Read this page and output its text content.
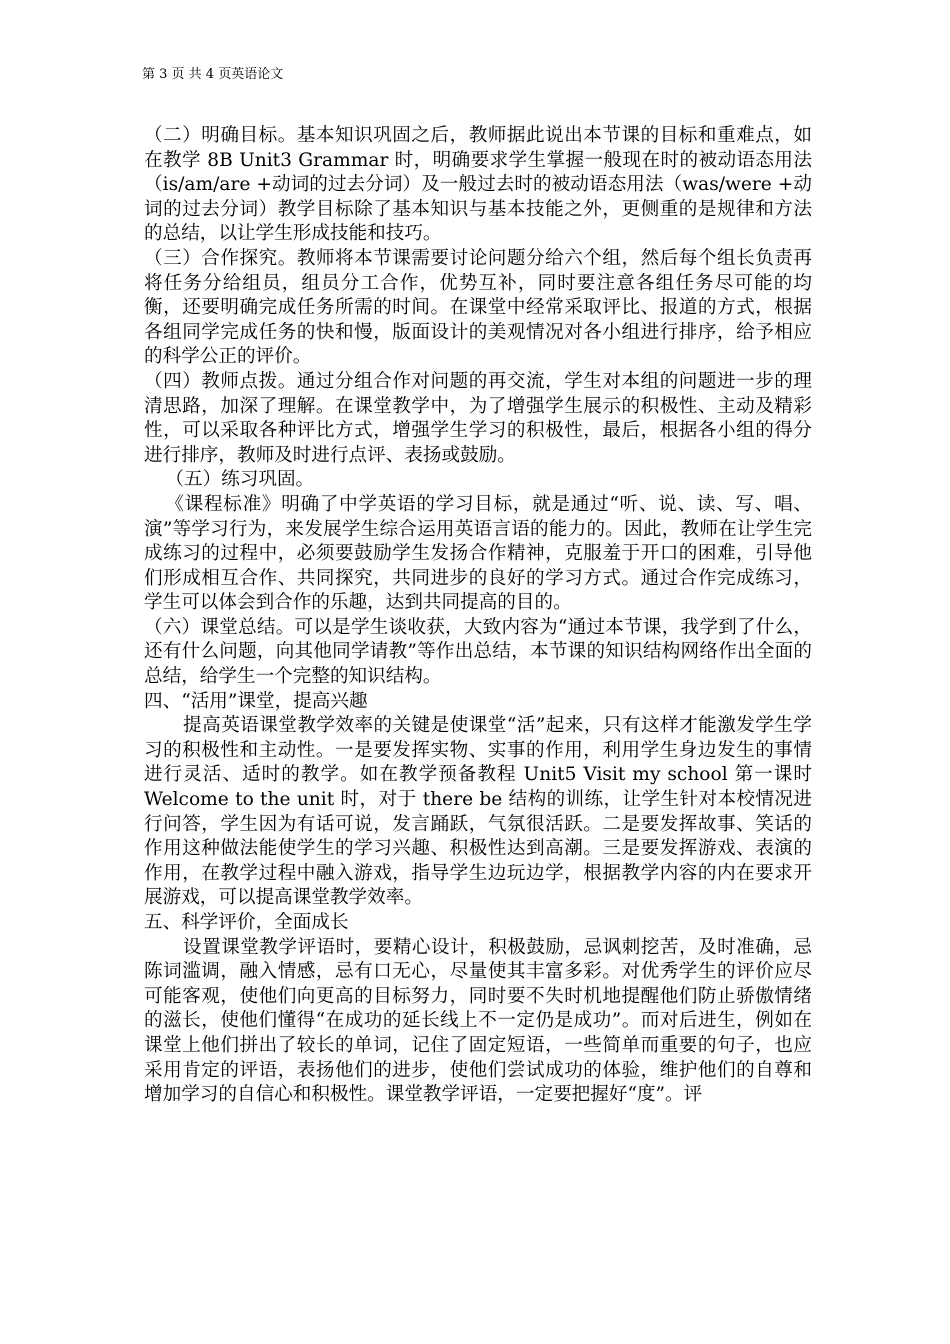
第 3 页 共 4 页英语论文

（二）明确目标。基本知识巩固之后，教师据此说出本节课的目标和重难点，如在教学 8B Unit3 Grammar 时，明确要求学生掌握一般现在时的被动语态用法（is/am/are +动词的过去分词）及一般过去时的被动语态用法（was/were +动词的过去分词）教学目标除了基本知识与基本技能之外，更侧重的是规律和方法的总结，以让学生形成技能和技巧。

（三）合作探究。教师将本节课需要讨论问题分给六个组，然后每个组长负责再将任务分给组员，组员分工合作，优势互补，同时要注意各组任务尽可能的均衡，还要明确完成任务所需的时间。在课堂中经常采取评比、报道的方式，根据各组同学完成任务的快和慢，版面设计的美观情况对各小组进行排序，给予相应的科学公正的评价。

（四）教师点拨。通过分组合作对问题的再交流，学生对本组的问题进一步的理清思路，加深了理解。在课堂教学中，为了增强学生展示的积极性、主动及精彩性，可以采取各种评比方式，增强学生学习的积极性，最后，根据各小组的得分进行排序，教师及时进行点评、表扬或鼓励。

（五）练习巩固。

《课程标准》明确了中学英语的学习目标，就是通过“听、说、读、写、唱、演”等学习行为，来发展学生综合运用英语言语的能力的。因此，教师在让学生完成练习的过程中，必须要鼓励学生发扬合作精神，克服羞于开口的困难，引导他们形成相互合作、共同探究，共同进步的良好的学习方式。通过合作完成练习，学生可以体会到合作的乐趣，达到共同提高的目的。

（六）课堂总结。可以是学生谈收获，大致内容为“通过本节课，我学到了什么，还有什么问题，向其他同学请教”等作出总结，本节课的知识结构网络作出全面的总结，给学生一个完整的知识结构。

四、“活用”课堂，提高兴趣

提高英语课堂教学效率的关键是使课堂“活”起来，只有这样才能激发学生学习的积极性和主动性。一是要发挥实物、实事的作用，利用学生身边发生的事情进行灵活、适时的教学。如在教学预备教程 Unit5 Visit my school 第一课时 Welcome to the unit 时，对于 there be 结构的训练，让学生针对本校情况进行问答，学生因为有话可说，发言踊跃，气氛很活跃。二是要发挥故事、笑话的作用这种做法能使学生的学习兴趣、积极性达到高潮。三是要发挥游戏、表演的作用，在教学过程中融入游戏，指导学生边玩边学，根据教学内容的内在要求开展游戏，可以提高课堂教学效率。

五、科学评价，全面成长

设置课堂教学评语时，要精心设计，积极鼓励，忌讽刺挖苦，及时准确，忌陈词滥调，融入情感，忌有口无心，尽量使其丰富多彩。对优秀学生的评价应尽可能客观，使他们向更高的目标努力，同时要不失时机地提醒他们防止骄傲情绪的滋长，使他们懂得“在成功的延长线上不一定仍是成功”。而对后进生，例如在课堂上他们拼出了较长的单词，记住了固定短语，一些简单而重要的句子，也应采用肯定的评语，表扬他们的进步，使他们尝试成功的体验，维护他们的自尊和增加学习的自信心和积极性。课堂教学评语，一定要把握好“度”。评
